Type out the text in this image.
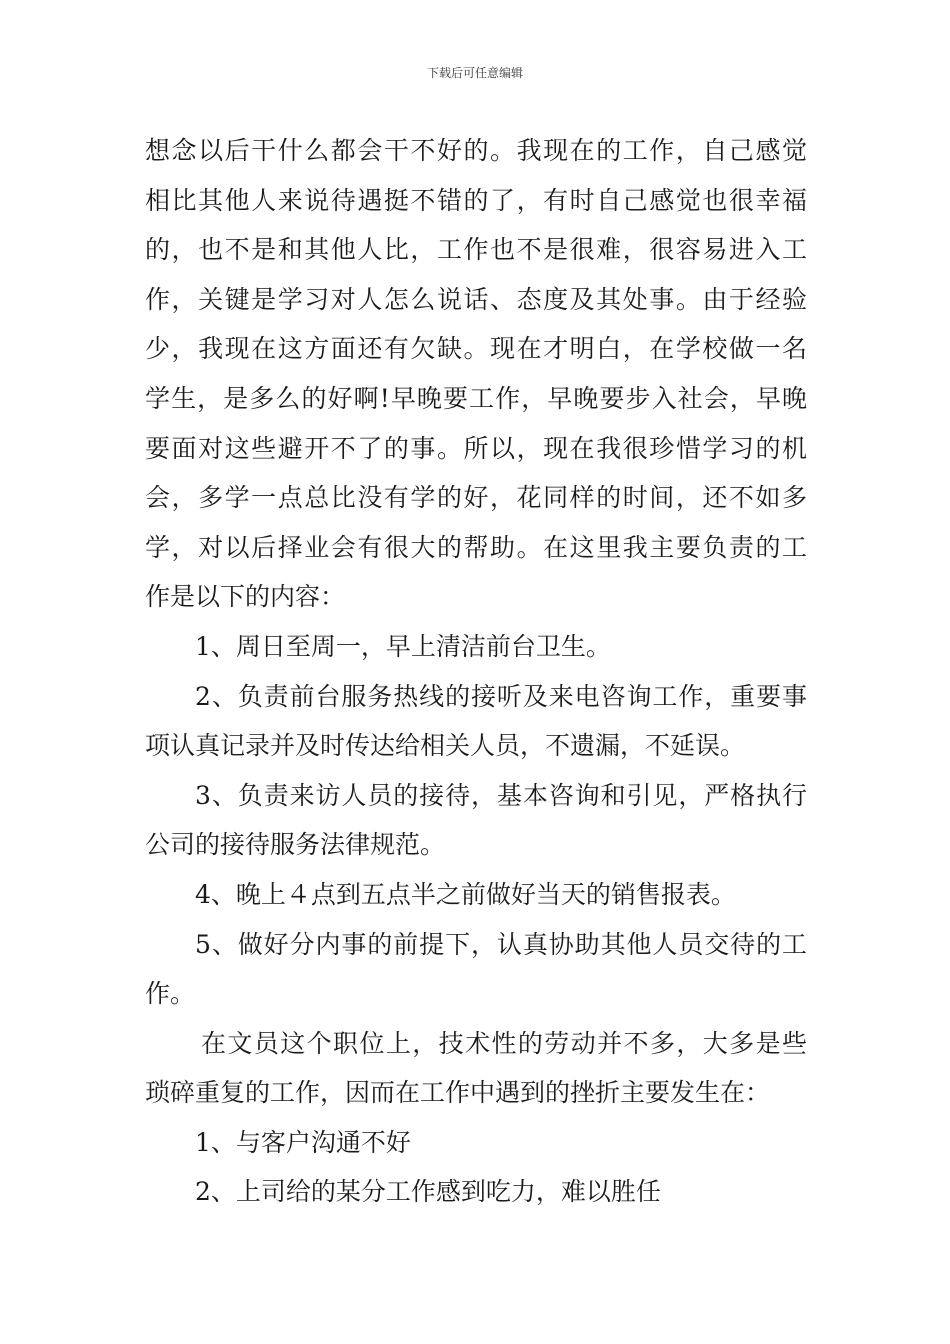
下载后可任意编辑
想念以后干什么都会干不好的。我现在的工作，自己感觉
相比其他人来说待遇挺不错的了，有时自己感觉也很幸福
的，也不是和其他人比，工作也不是很难，很容易进入工
作，关键是学习对人怎么说话、态度及其处事。由于经验
少，我现在这方面还有欠缺。现在才明白，在学校做一名
学生，是多么的好啊!早晚要工作，早晚要步入社会，早晚
要面对这些避开不了的事。所以，现在我很珍惜学习的机
会，多学一点总比没有学的好，花同样的时间，还不如多
学，对以后择业会有很大的帮助。在这里我主要负责的工
作是以下的内容：
1、周日至周一，早上清洁前台卫生。
2、负责前台服务热线的接听及来电咨询工作，重要事
项认真记录并及时传达给相关人员，不遗漏，不延误。
3、负责来访人员的接待，基本咨询和引见，严格执行
公司的接待服务法律规范。
4、晚上４点到五点半之前做好当天的销售报表。
5、做好分内事的前提下，认真协助其他人员交待的工
作。
在文员这个职位上，技术性的劳动并不多，大多是些
琐碎重复的工作，因而在工作中遇到的挫折主要发生在：
1、与客户沟通不好
2、上司给的某分工作感到吃力，难以胜任
